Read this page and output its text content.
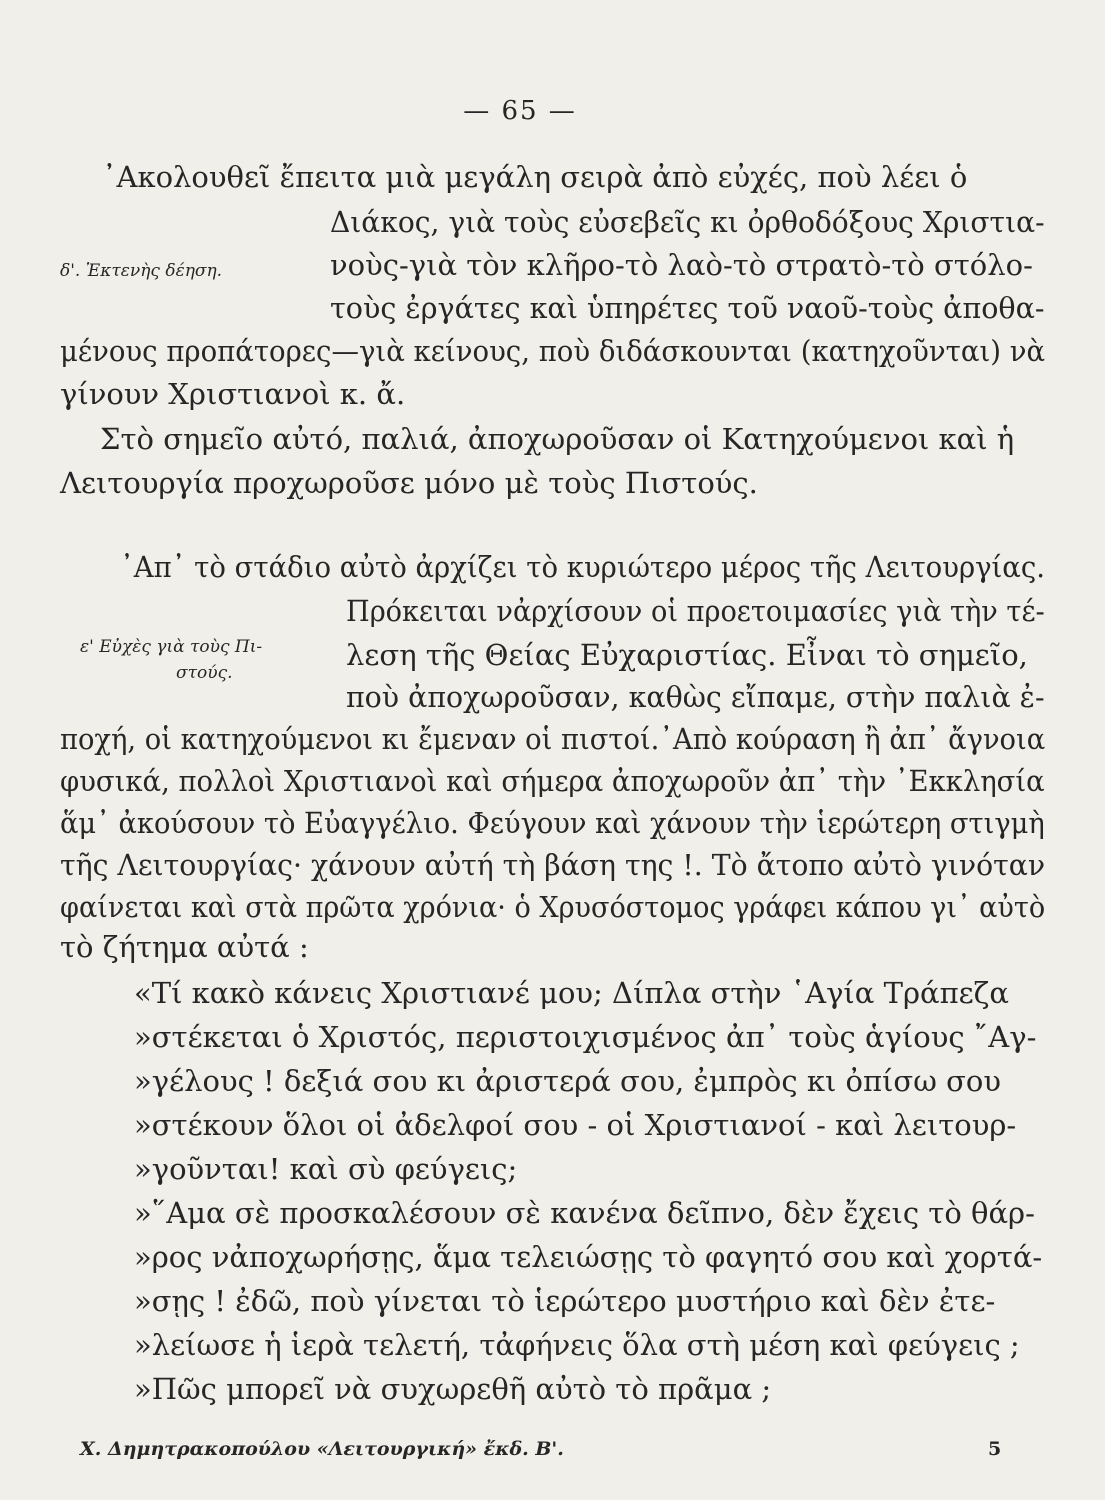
— 65 —
δ'. Ἐκτενὴς δέηση.
᾽Ακολουθεῖ ἔπειτα μιὰ μεγάλη σειρὰ ἀπὸ εὐχές, ποὺ λέει ὁ
Διάκος, γιὰ τοὺς εὐσεβεῖς κι ὀρθοδόξους Χριστια-
νοὺς-γιὰ τὸν κλῆρο-τὸ λαὸ-τὸ στρατὸ-τὸ στόλο-
τοὺς ἐργάτες καὶ ὑπηρέτες τοῦ ναοῦ-τοὺς ἀποθα-
μένους προπάτορες—γιὰ κείνους, ποὺ διδάσκουνται (κατηχοῦνται) νὰ
γίνουν Χριστιανοὶ κ. ἄ.
Στὸ σημεῖο αὐτό, παλιά, ἀποχωροῦσαν οἱ Κατηχούμενοι καὶ ἡ
Λειτουργία προχωροῦσε μόνο μὲ τοὺς Πιστούς.
ε' Εὐχὲς γιὰ τοὺς Πι-
στούς.
᾽Απ᾽ τὸ στάδιο αὐτὸ ἀρχίζει τὸ κυριώτερο μέρος τῆς Λειτουργίας.
Πρόκειται νἀρχίσουν οἱ προετοιμασίες γιὰ τὴν τέ-
λεση τῆς Θείας Εὐχαριστίας. Εἶναι τὸ σημεῖο,
ποὺ ἀποχωροῦσαν, καθὼς εἴπαμε, στὴν παλιὰ ἐ-
ποχή, οἱ κατηχούμενοι κι ἔμεναν οἱ πιστοί.᾽Απὸ κούραση ἢ ἀπ᾽ ἄγνοια
φυσικά, πολλοὶ Χριστιανοὶ καὶ σήμερα ἀποχωροῦν ἀπ᾽ τὴν ᾽Εκκλησία
ἅμ᾽ ἀκούσουν τὸ Εὐαγγέλιο. Φεύγουν καὶ χάνουν τὴν ἱερώτερη στιγμὴ
τῆς Λειτουργίας· χάνουν αὐτή τὴ βάση της !. Τὸ ἄτοπο αὐτὸ γινόταν
φαίνεται καὶ στὰ πρῶτα χρόνια· ὁ Χρυσόστομος γράφει κάπου γι᾽ αὐτὸ
τὸ ζήτημα αὐτά :
«Τί κακὸ κάνεις Χριστιανέ μου; Δίπλα στὴν ῾Αγία Τράπεζα
»στέκεται ὁ Χριστός, περιστοιχισμένος ἀπ᾽ τοὺς ἁγίους ῎Αγ-
»γέλους ! δεξιά σου κι ἀριστερά σου, ἐμπρὸς κι ὀπίσω σου
»στέκουν ὅλοι οἱ ἀδελφοί σου - οἱ Χριστιανοί - καὶ λειτουρ-
»γοῦνται! καὶ σὺ φεύγεις;
»῞Αμα σὲ προσκαλέσουν σὲ κανένα δεῖπνο, δὲν ἔχεις τὸ θάρ-
»ρος νἀποχωρήσῃς, ἅμα τελειώσῃς τὸ φαγητό σου καὶ χορτά-
»σῃς ! ἐδῶ, ποὺ γίνεται τὸ ἱερώτερο μυστήριο καὶ δὲν ἐτε-
»λείωσε ἡ ἱερὰ τελετή, τἀφήνεις ὅλα στὴ μέση καὶ φεύγεις ;
»Πῶς μπορεῖ νὰ συχωρεθῆ αὐτὸ τὸ πρᾶμα ;
Χ. Δημητρακοπούλου «Λειτουργική» ἔκδ. Β'.	5
